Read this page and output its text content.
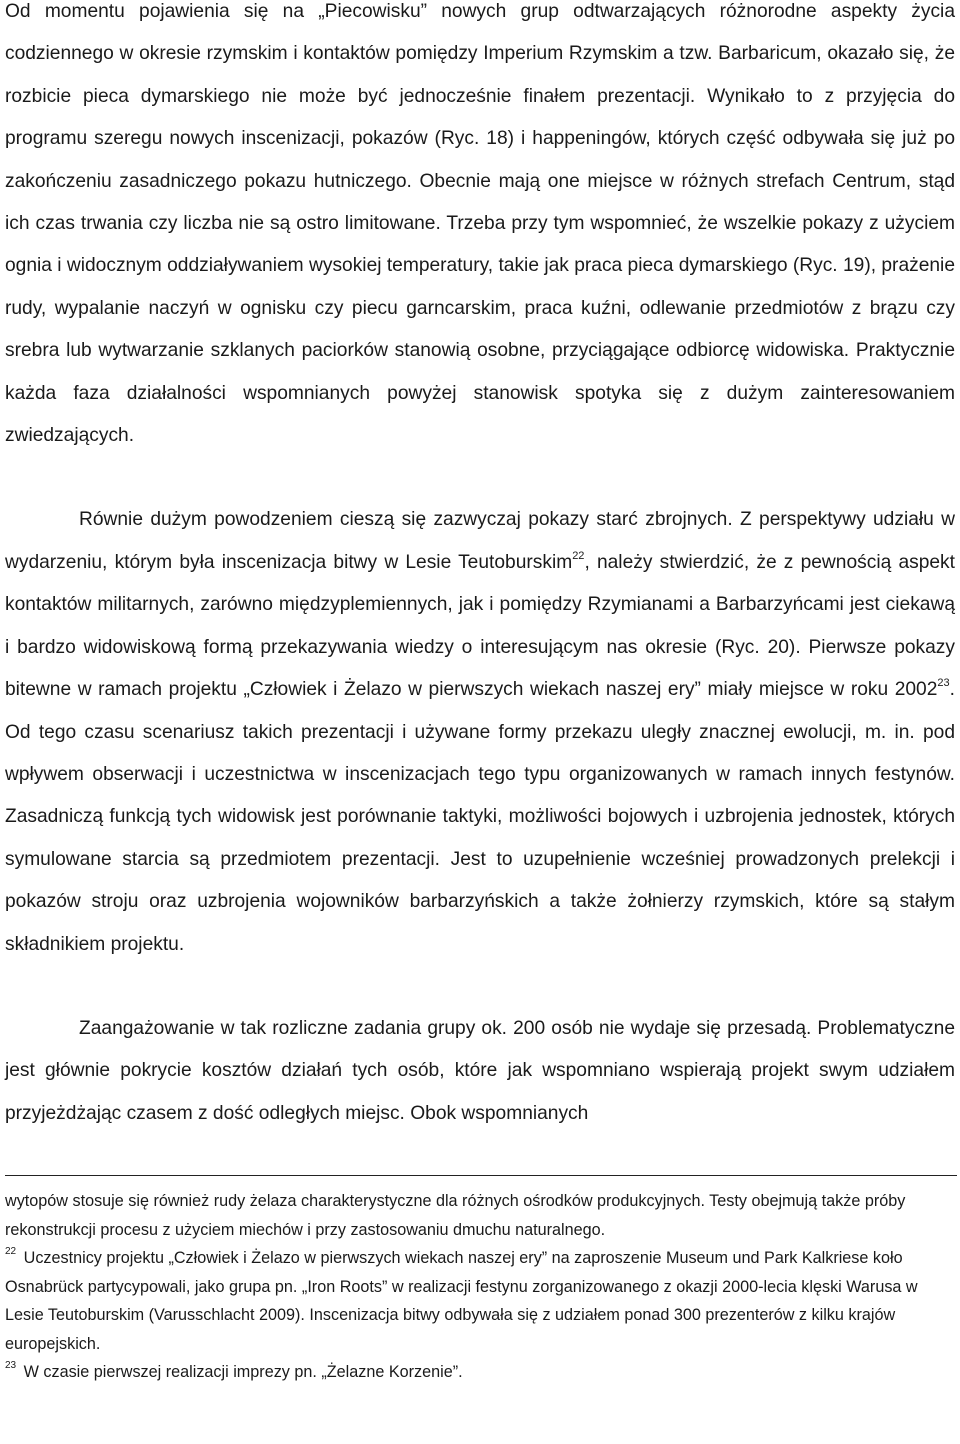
Od momentu pojawienia się na „Piecowisku” nowych grup odtwarzających różnorodne aspekty życia codziennego w okresie rzymskim i kontaktów pomiędzy Imperium Rzymskim a tzw. Barbaricum, okazało się, że rozbicie pieca dymarskiego nie może być jednocześnie finałem prezentacji. Wynikało to z przyjęcia do programu szeregu nowych inscenizacji, pokazów (Ryc. 18) i happeningów, których część odbywała się już po zakończeniu zasadniczego pokazu hutniczego. Obecnie mają one miejsce w różnych strefach Centrum, stąd ich czas trwania czy liczba nie są ostro limitowane. Trzeba przy tym wspomnieć, że wszelkie pokazy z użyciem ognia i widocznym oddziaływaniem wysokiej temperatury, takie jak praca pieca dymarskiego (Ryc. 19), prażenie rudy, wypalanie naczyń w ognisku czy piecu garncarskim, praca kuźni, odlewanie przedmiotów z brązu czy srebra lub wytwarzanie szklanych paciorków stanowią osobne, przyciągające odbiorcę widowiska. Praktycznie każda faza działalności wspomnianych powyżej stanowisk spotyka się z dużym zainteresowaniem zwiedzających.

Równie dużym powodzeniem cieszą się zazwyczaj pokazy starć zbrojnych. Z perspektywy udziału w wydarzeniu, którym była inscenizacja bitwy w Lesie Teutoburskim$^{22}$, należy stwierdzić, że z pewnością aspekt kontaktów militarnych, zarówno międzyplemiennych, jak i pomiędzy Rzymianami a Barbarzyńcami jest ciekawą i bardzo widowiskową formą przekazywania wiedzy o interesującym nas okresie (Ryc. 20). Pierwsze pokazy bitewne w ramach projektu „Człowiek i Żelazo w pierwszych wiekach naszej ery” miały miejsce w roku 2002$^{23}$. Od tego czasu scenariusz takich prezentacji i używane formy przekazu uległy znacznej ewolucji, m. in. pod wpływem obserwacji i uczestnictwa w inscenizacjach tego typu organizowanych w ramach innych festynów. Zasadniczą funkcją tych widowisk jest porównanie taktyki, możliwości bojowych i uzbrojenia jednostek, których symulowane starcia są przedmiotem prezentacji. Jest to uzupełnienie wcześniej prowadzonych prelekcji i pokazów stroju oraz uzbrojenia wojowników barbarzyńskich a także żołnierzy rzymskich, które są stałym składnikiem projektu.

Zaangażowanie w tak rozliczne zadania grupy ok. 200 osób nie wydaje się przesadą. Problematyczne jest głównie pokrycie kosztów działań tych osób, które jak wspomniano wspierają projekt swym udziałem przyjeżdżając czasem z dość odległych miejsc. Obok wspomnianych

wytopów stosuje się również rudy żelaza charakterystyczne dla różnych ośrodków produkcyjnych. Testy obejmują także próby rekonstrukcji procesu z użyciem miechów i przy zastosowaniu dmuchu naturalnego.

$^{22}$ Uczestnicy projektu „Człowiek i Żelazo w pierwszych wiekach naszej ery” na zaproszenie Museum und Park Kalkriese koło Osnabrück partycypowali, jako grupa pn. „Iron Roots” w realizacji festynu zorganizowanego z okazji 2000-lecia klęski Warusa w Lesie Teutoburskim (Varusschlacht 2009). Inscenizacja bitwy odbywała się z udziałem ponad 300 prezenterów z kilku krajów europejskich.

$^{23}$ W czasie pierwszej realizacji imprezy pn. „Żelazne Korzenie”.
